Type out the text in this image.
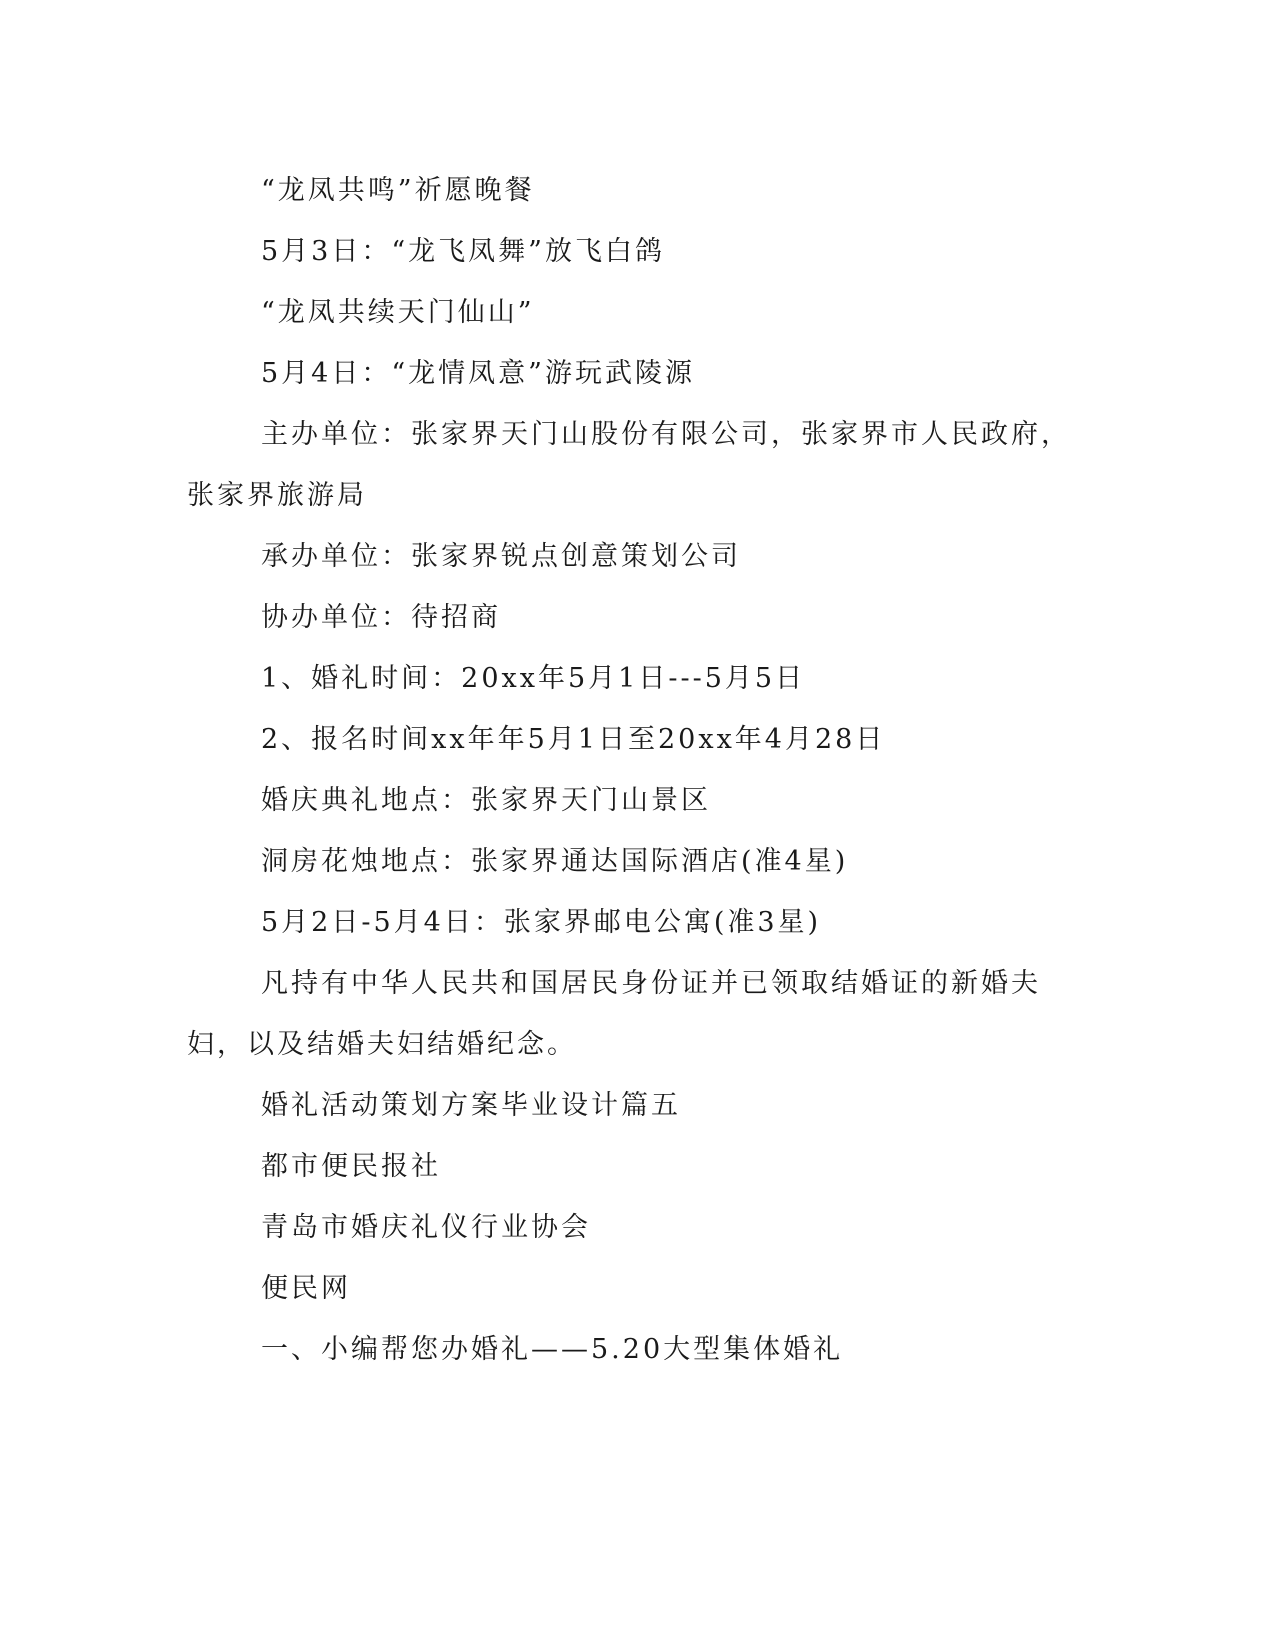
“龙凤共鸣”祈愿晚餐

5月3日：“龙飞凤舞”放飞白鸽

“龙凤共续天门仙山”

5月4日：“龙情凤意”游玩武陵源

主办单位：张家界天门山股份有限公司，张家界市人民政府，张家界旅游局

承办单位：张家界锐点创意策划公司

协办单位：待招商

1、婚礼时间：20xx年5月1日---5月5日

2、报名时间xx年年5月1日至20xx年4月28日

婚庆典礼地点：张家界天门山景区

洞房花烛地点：张家界通达国际酒店(准4星)

5月2日-5月4日：张家界邮电公寓(准3星)

凡持有中华人民共和国居民身份证并已领取结婚证的新婚夫妇，以及结婚夫妇结婚纪念。

婚礼活动策划方案毕业设计篇五

都市便民报社

青岛市婚庆礼仪行业协会

便民网

一、小编帮您办婚礼——5.20大型集体婚礼
